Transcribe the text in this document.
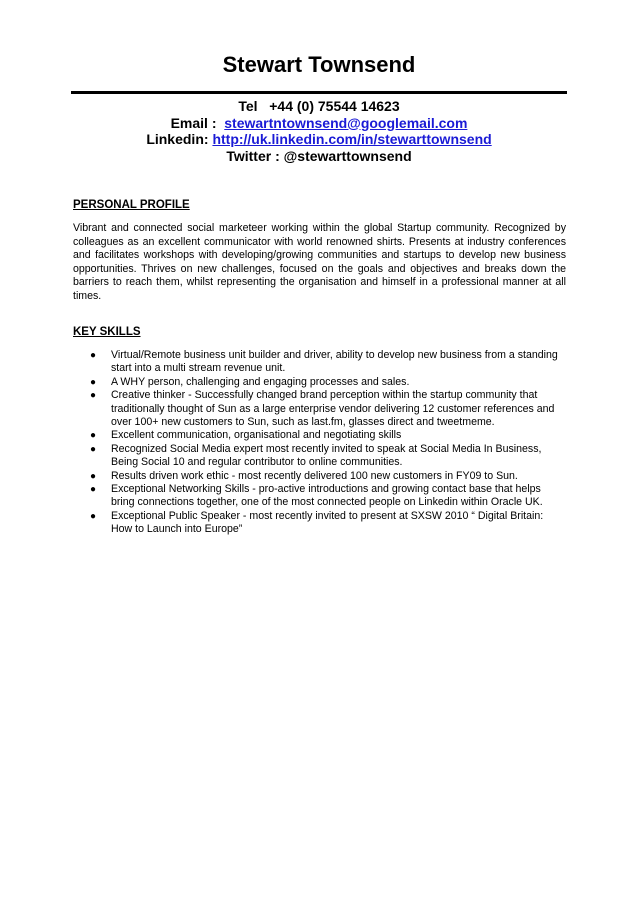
Stewart Townsend
Tel   +44 (0) 75544 14623
Email :  stewartntownsend@googlemail.com
Linkedin: http://uk.linkedin.com/in/stewarttownsend
Twitter : @stewarttownsend
PERSONAL PROFILE
Vibrant and connected social marketeer working within the global Startup community. Recognized by colleagues as an excellent communicator with world renowned shirts. Presents at industry conferences and facilitates workshops with developing/growing communities and startups to develop new business opportunities. Thrives on new challenges, focused on the goals and objectives and breaks down the barriers to reach them, whilst representing the organisation and himself in a professional manner at all times.
KEY SKILLS
● Virtual/Remote business unit builder and driver, ability to develop new business from a standing start into a multi stream revenue unit.
● A WHY person, challenging and engaging processes and sales.
● Creative thinker - Successfully changed brand perception within the startup community that traditionally thought of Sun as a large enterprise vendor delivering 12 customer references and over 100+ new customers to Sun, such as last.fm, glasses direct and tweetmeme.
● Excellent communication, organisational and negotiating skills
● Recognized Social Media expert most recently invited to speak at Social Media In Business, Being Social 10 and regular contributor to online communities.
● Results driven work ethic - most recently delivered 100 new customers in FY09 to Sun.
● Exceptional Networking Skills - pro-active introductions and growing contact base that helps bring connections together, one of the most connected people on Linkedin within Oracle UK.
● Exceptional Public Speaker - most recently invited to present at SXSW 2010 “ Digital Britain: How to Launch into Europe”
